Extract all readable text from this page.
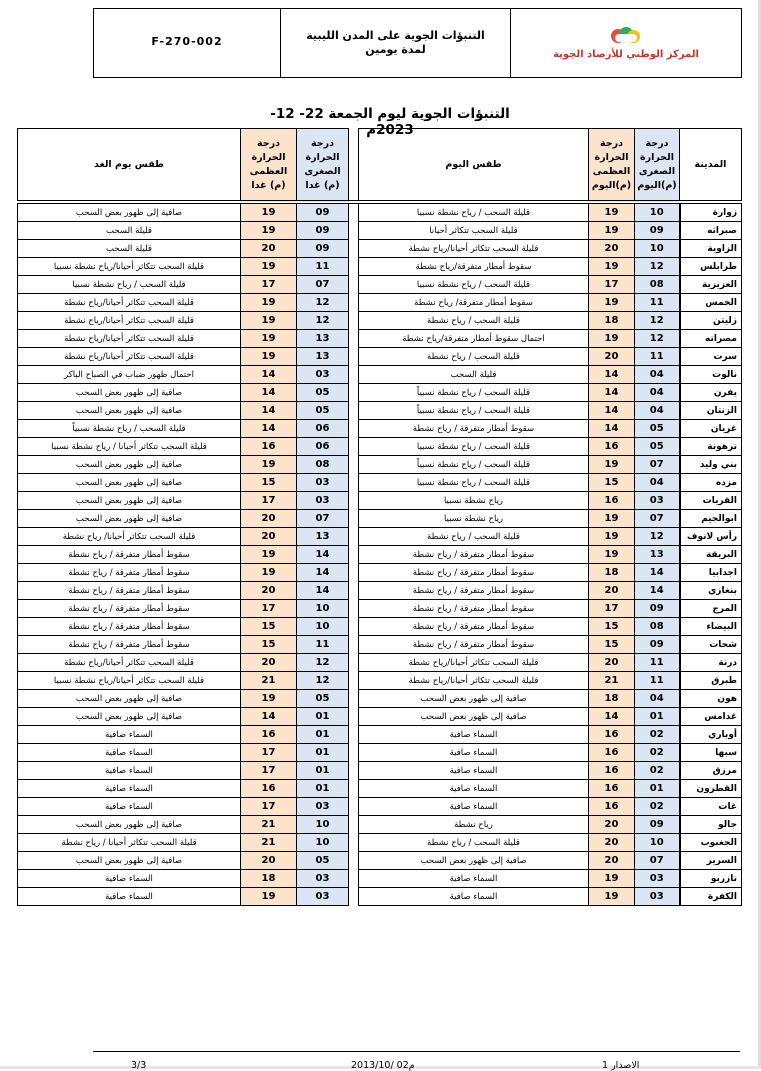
F-270-002	التنبؤات الجوية على المدن الليبية
لمدة يومين	المركز الوطني للأرصاد الجوية
التنبؤات الجوية ليوم الجمعة 22- 12-2023م
المدينة	درجة الحرارة الصغرى (م)اليوم	درجة الحرارة العظمى (م)اليوم	طقس اليوم		درجة الحرارة الصغرى (م) غدا	درجة الحرارة العظمى (م) غدا	طقس يوم الغد
زوارة	10	19	قليلة السحب / رياح نشطة نسبيا		09	19	صافية إلى ظهور بعض السحب
صبراته	09	19	قليلة السحب تتكاثر أحيانا		09	19	قليلة السحب
الزاوية	10	20	قليلة السحب تتكاثر أحيانا/رياح نشطة		09	20	قليلة السحب
طرابلس	12	19	سقوط أمطار متفرقة/رياح نشطة		11	19	قليلة السحب تتكاثر أحيانا/رياح نشطة نسبيا
العزيزية	08	17	قليلة السحب / رياح نشطة نسبيا		07	17	قليلة السحب / رياح نشطة نسبيا
الخمس	11	19	سقوط أمطار متفرقة/ رياح نشطة		12	19	قليلة السحب تتكاثر أحيانا/رياح نشطة
زليتن	12	18	قليلة السحب / رياح نشطة		12	19	قليلة السحب تتكاثر أحيانا/رياح نشطة
مصراته	12	19	احتمال سقوط أمطار متفرقة/رياح نشطة		13	19	قليلة السحب تتكاثر أحيانا/رياح نشطة
سرت	11	20	قليلة السحب / رياح نشطة		13	19	قليلة السحب تتكاثر أحيانا/رياح نشطة
نالوت	04	14	قليلة السحب		03	14	احتمال ظهور ضباب في الصباح الباكر
يفرن	04	14	قليلة السحب / رياح نشطة نسبياً		05	14	صافية إلى ظهور بعض السحب
الزنتان	04	14	قليلة السحب / رياح نشطة نسبياً		05	14	صافية إلى ظهور بعض السحب
غريان	05	14	سقوط أمطار متفرقة / رياح نشطة		06	14	قليلة السحب / رياح نشطة نسبياً
ترهونة	05	16	قليلة السحب / رياح نشطة نسبيا		06	16	قليلة السحب تتكاثر أحيانا / رياح نشطة نسبيا
بني وليد	07	19	قليلة السحب / رياح نشطة نسبياً		08	19	صافية إلى ظهور بعض السحب
مزده	04	15	قليلة السحب / رياح نشطة نسبيا		03	15	صافية إلى ظهور بعض السحب
القريات	03	16	رياح نشطة نسبيا		03	17	صافية إلى ظهور بعض السحب
ابوالجيم	07	19	رياح نشطة نسبيا		07	20	صافية إلى ظهور بعض السحب
رأس لانوف	12	19	قليلة السحب / رياح نشطة		13	20	قليلة السحب تتكاثر أحيانا/ رياح نشطة
البريقة	13	19	سقوط أمطار متفرقة / رياح نشطة		14	19	سقوط أمطار متفرقة / رياح نشطة
اجدابيا	14	18	سقوط أمطار متفرقة / رياح نشطة		14	19	سقوط أمطار متفرقة / رياح نشطة
بنغازي	14	20	سقوط أمطار متفرقة / رياح نشطة		14	20	سقوط أمطار متفرقة / رياح نشطة
المرج	09	17	سقوط أمطار متفرقة / رياح نشطة		10	17	سقوط أمطار متفرقة / رياح نشطة
البيضاء	08	15	سقوط أمطار متفرقة / رياح نشطة		10	15	سقوط أمطار متفرقة / رياح نشطة
شحات	09	15	سقوط أمطار متفرقة / رياح نشطة		11	15	سقوط أمطار متفرقة / رياح نشطة
درنة	11	20	قليلة السحب تتكاثر أحيانا/رياح نشطة		12	20	قليلة السحب تتكاثر أحيانا/رياح نشطة
طبرق	11	21	قليلة السحب تتكاثر أحيانا/رياح نشطة		12	21	قليلة السحب تتكاثر أحيانا/رياح نشطة نسبيا
هون	04	18	صافية إلى ظهور بعض السحب		05	19	صافية إلى ظهور بعض السحب
غدامس	01	14	صافية إلى ظهور بعض السحب		01	14	صافية إلى ظهور بعض السحب
أوباري	02	16	السماء صافية		01	16	السماء صافية
سبها	02	16	السماء صافية		01	17	السماء صافية
مرزق	02	16	السماء صافية		01	17	السماء صافية
القطرون	01	16	السماء صافية		01	16	السماء صافية
غات	02	16	السماء صافية		03	17	السماء صافية
جالو	09	20	رياح نشطة		10	21	صافية إلى ظهور بعض السحب
الجغبوب	10	20	قليلة السحب / رياح نشطة		10	21	قليلة السحب تتكاثر أحيانا / رياح نشطة
السرير	07	20	صافية إلى ظهور بعض السحب		05	20	صافية إلى ظهور بعض السحب
تازربو	03	19	السماء صافية		03	18	السماء صافية
الكفرة	03	19	السماء صافية		03	19	السماء صافية
3/3	2013/10/ 02م	الاصدار 1
